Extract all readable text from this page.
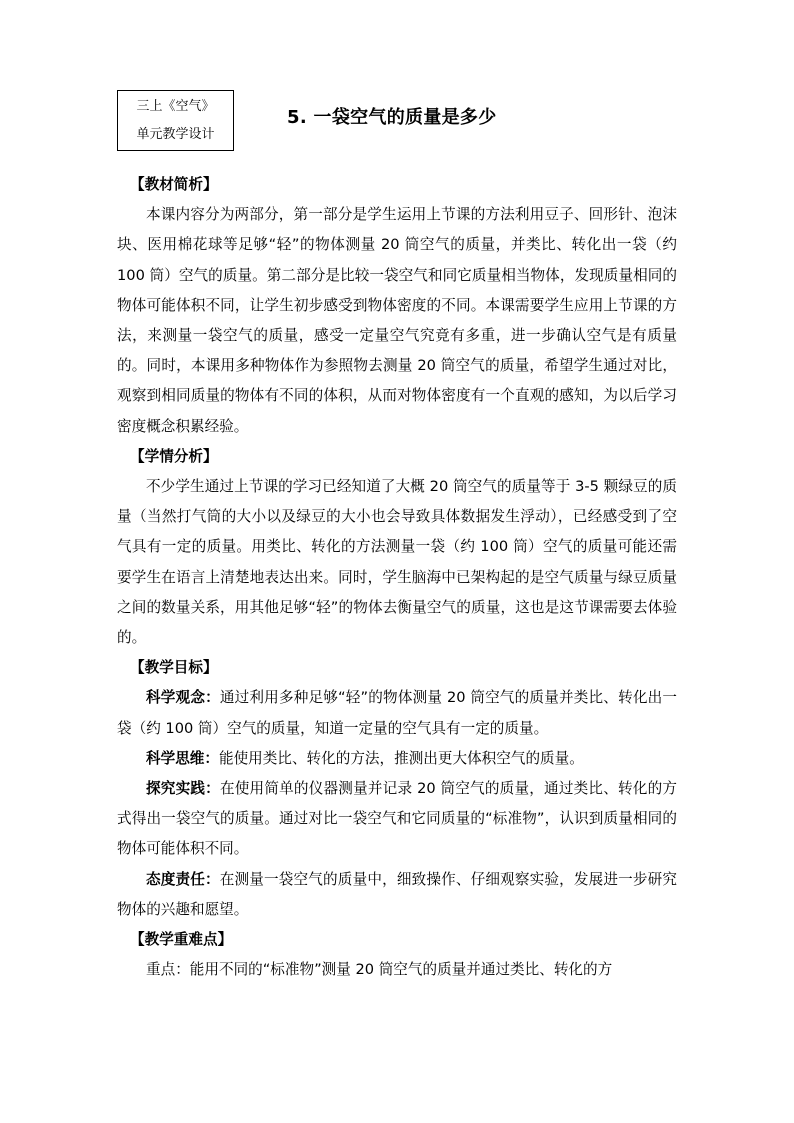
三上《空气》
单元教学设计
5. 一袋空气的质量是多少

【教材简析】

本课内容分为两部分，第一部分是学生运用上节课的方法利用豆子、回形针、泡沫块、医用棉花球等足够“轻”的物体测量 20 筒空气的质量，并类比、转化出一袋（约 100 筒）空气的质量。第二部分是比较一袋空气和同它质量相当物体，发现质量相同的物体可能体积不同，让学生初步感受到物体密度的不同。本课需要学生应用上节课的方法，来测量一袋空气的质量，感受一定量空气究竟有多重，进一步确认空气是有质量的。同时，本课用多种物体作为参照物去测量 20 筒空气的质量，希望学生通过对比，观察到相同质量的物体有不同的体积，从而对物体密度有一个直观的感知，为以后学习密度概念积累经验。

【学情分析】

不少学生通过上节课的学习已经知道了大概 20 筒空气的质量等于 3-5 颗绿豆的质量（当然打气筒的大小以及绿豆的大小也会导致具体数据发生浮动），已经感受到了空气具有一定的质量。用类比、转化的方法测量一袋（约 100 筒）空气的质量可能还需要学生在语言上清楚地表达出来。同时，学生脑海中已架构起的是空气质量与绿豆质量之间的数量关系，用其他足够“轻”的物体去衡量空气的质量，这也是这节课需要去体验的。

【教学目标】

科学观念：通过利用多种足够“轻”的物体测量 20 筒空气的质量并类比、转化出一袋（约 100 筒）空气的质量，知道一定量的空气具有一定的质量。

科学思维：能使用类比、转化的方法，推测出更大体积空气的质量。

探究实践：在使用简单的仪器测量并记录 20 筒空气的质量，通过类比、转化的方式得出一袋空气的质量。通过对比一袋空气和它同质量的“标准物”，认识到质量相同的物体可能体积不同。

态度责任：在测量一袋空气的质量中，细致操作、仔细观察实验，发展进一步研究物体的兴趣和愿望。

【教学重难点】

重点：能用不同的“标准物”测量 20 筒空气的质量并通过类比、转化的方
